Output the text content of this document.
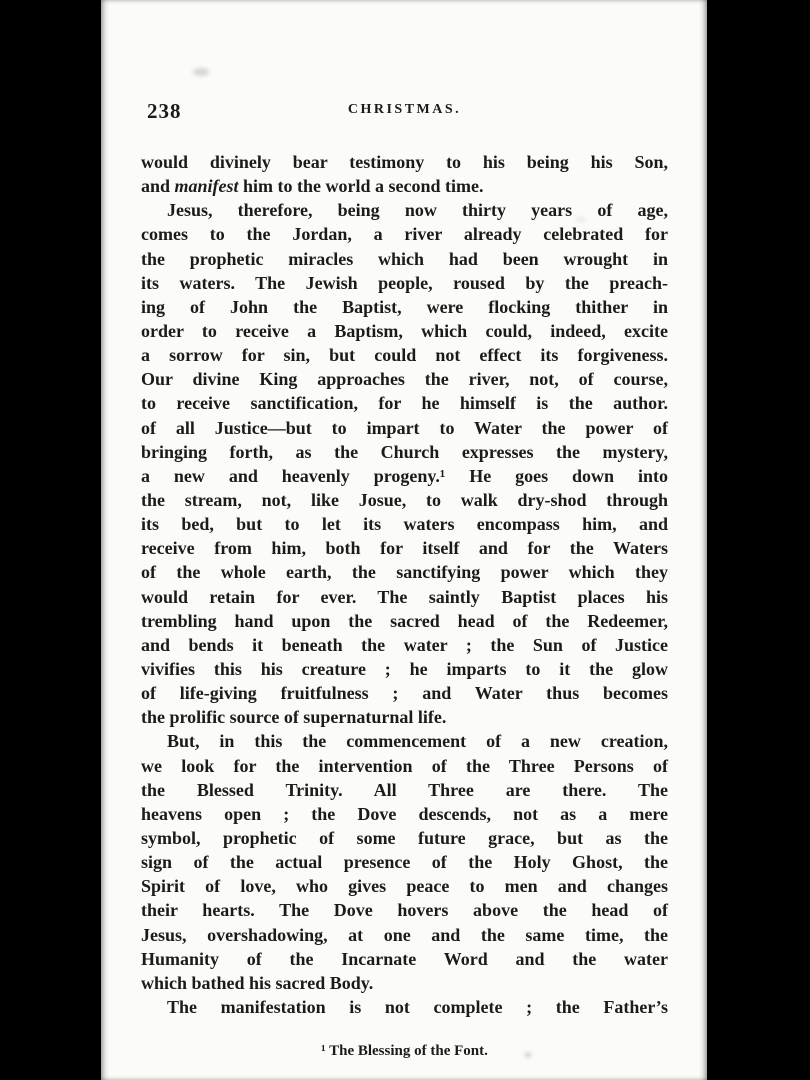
238	CHRISTMAS.
would divinely bear testimony to his being his Son,
and manifest him to the world a second time.
Jesus, therefore, being now thirty years of age,
comes to the Jordan, a river already celebrated for
the prophetic miracles which had been wrought in
its waters. The Jewish people, roused by the preach-
ing of John the Baptist, were flocking thither in
order to receive a Baptism, which could, indeed, excite
a sorrow for sin, but could not effect its forgiveness.
Our divine King approaches the river, not, of course,
to receive sanctification, for he himself is the author.
of all Justice—but to impart to Water the power of
bringing forth, as the Church expresses the mystery,
a new and heavenly progeny.¹ He goes down into
the stream, not, like Josue, to walk dry-shod through
its bed, but to let its waters encompass him, and
receive from him, both for itself and for the Waters
of the whole earth, the sanctifying power which they
would retain for ever. The saintly Baptist places his
trembling hand upon the sacred head of the Redeemer,
and bends it beneath the water ; the Sun of Justice
vivifies this his creature ; he imparts to it the glow
of life-giving fruitfulness ; and Water thus becomes
the prolific source of supernaturnal life.
But, in this the commencement of a new creation,
we look for the intervention of the Three Persons of
the Blessed Trinity. All Three are there. The
heavens open ; the Dove descends, not as a mere
symbol, prophetic of some future grace, but as the
sign of the actual presence of the Holy Ghost, the
Spirit of love, who gives peace to men and changes
their hearts. The Dove hovers above the head of
Jesus, overshadowing, at one and the same time, the
Humanity of the Incarnate Word and the water
which bathed his sacred Body.
The manifestation is not complete ; the Father’s
¹ The Blessing of the Font.
